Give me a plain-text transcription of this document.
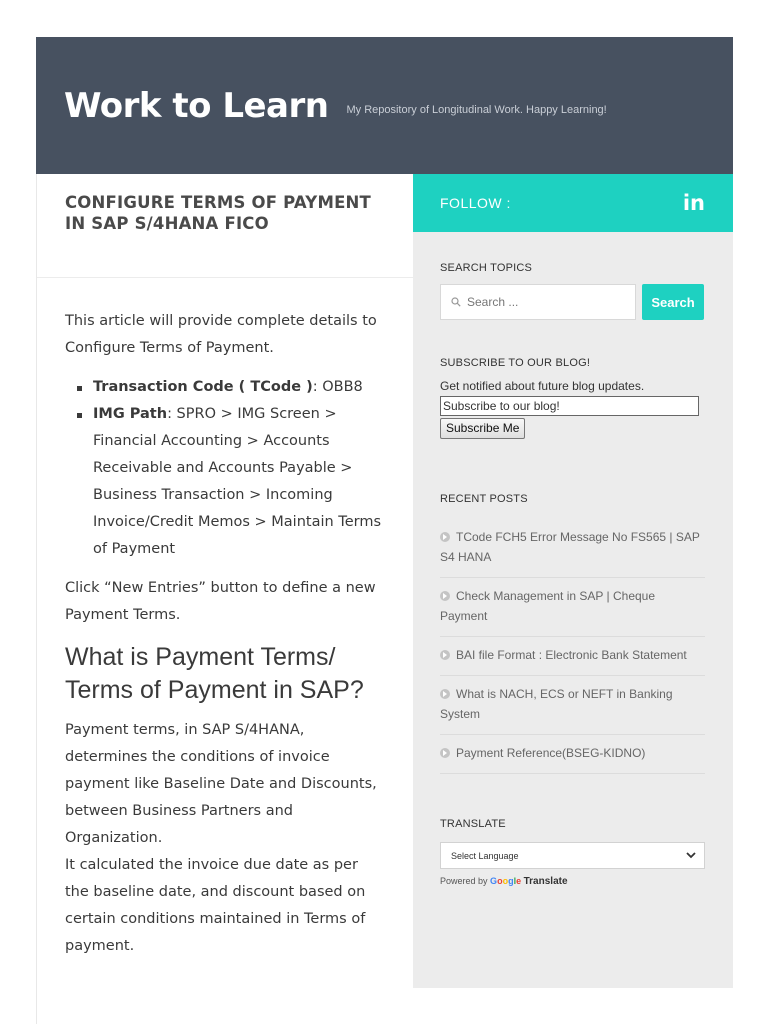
Work to Learn My Repository of Longitudinal Work. Happy Learning!
CONFIGURE TERMS OF PAYMENT IN SAP S/4HANA FICO

This article will provide complete details to Configure Terms of Payment.

Transaction Code ( TCode ): OBB8
IMG Path: SPRO > IMG Screen > Financial Accounting > Accounts Receivable and Accounts Payable > Business Transaction > Incoming Invoice/Credit Memos > Maintain Terms of Payment

Click “New Entries” button to define a new Payment Terms.

What is Payment Terms/ Terms of Payment in SAP?

Payment terms, in SAP S/4HANA, determines the conditions of invoice payment like Baseline Date and Discounts, between Business Partners and Organization.

It calculated the invoice due date as per the baseline date, and discount based on certain conditions maintained in Terms of payment.

FOLLOW :	in
SEARCH TOPICS
Search ...	Search
SUBSCRIBE TO OUR BLOG!
Get notified about future blog updates.
Subscribe to our blog!
Subscribe Me
RECENT POSTS
TCode FCH5 Error Message No FS565 | SAP S4 HANA
Check Management in SAP | Cheque Payment
BAI file Format : Electronic Bank Statement
What is NACH, ECS or NEFT in Banking System
Payment Reference(BSEG-KIDNO)
TRANSLATE
Select Language
Powered by Google Translate
